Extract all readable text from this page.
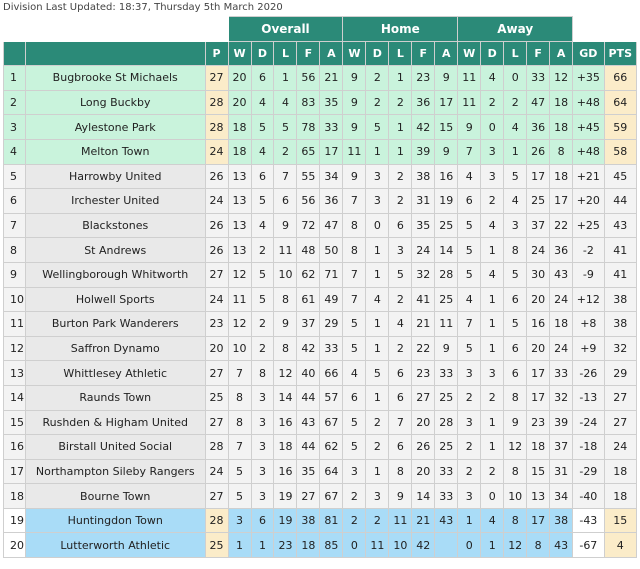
Division Last Updated: 18:37, Thursday 5th March 2020
			Overall					Home					Away						
		P	W	D	L	F	A	W	D	L	F	A	W	D	L	F	A	GD	PTS
1	Bugbrooke St Michaels	27	20	6	1	56	21	9	2	1	23	9	11	4	0	33	12	+35	66
2	Long Buckby	28	20	4	4	83	35	9	2	2	36	17	11	2	2	47	18	+48	64
3	Aylestone Park	28	18	5	5	78	33	9	5	1	42	15	9	0	4	36	18	+45	59
4	Melton Town	24	18	4	2	65	17	11	1	1	39	9	7	3	1	26	8	+48	58
5	Harrowby United	26	13	6	7	55	34	9	3	2	38	16	4	3	5	17	18	+21	45
6	Irchester United	24	13	5	6	56	36	7	3	2	31	19	6	2	4	25	17	+20	44
7	Blackstones	26	13	4	9	72	47	8	0	6	35	25	5	4	3	37	22	+25	43
8	St Andrews	26	13	2	11	48	50	8	1	3	24	14	5	1	8	24	36	-2	41
9	Wellingborough Whitworth	27	12	5	10	62	71	7	1	5	32	28	5	4	5	30	43	-9	41
10	Holwell Sports	24	11	5	8	61	49	7	4	2	41	25	4	1	6	20	24	+12	38
11	Burton Park Wanderers	23	12	2	9	37	29	5	1	4	21	11	7	1	5	16	18	+8	38
12	Saffron Dynamo	20	10	2	8	42	33	5	1	2	22	9	5	1	6	20	24	+9	32
13	Whittlesey Athletic	27	7	8	12	40	66	4	5	6	23	33	3	3	6	17	33	-26	29
14	Raunds Town	25	8	3	14	44	57	6	1	6	27	25	2	2	8	17	32	-13	27
15	Rushden & Higham United	27	8	3	16	43	67	5	2	7	20	28	3	1	9	23	39	-24	27
16	Birstall United Social	28	7	3	18	44	62	5	2	6	26	25	2	1	12	18	37	-18	24
17	Northampton Sileby Rangers	24	5	3	16	35	64	3	1	8	20	33	2	2	8	15	31	-29	18
18	Bourne Town	27	5	3	19	27	67	2	3	9	14	33	3	0	10	13	34	-40	18
19	Huntingdon Town	28	3	6	19	38	81	2	2	11	21	43	1	4	8	17	38	-43	15
20	Lutterworth Athletic	25	1	1	23	18	85	0	11	10	42		0	1	12	8	43	-67	4
